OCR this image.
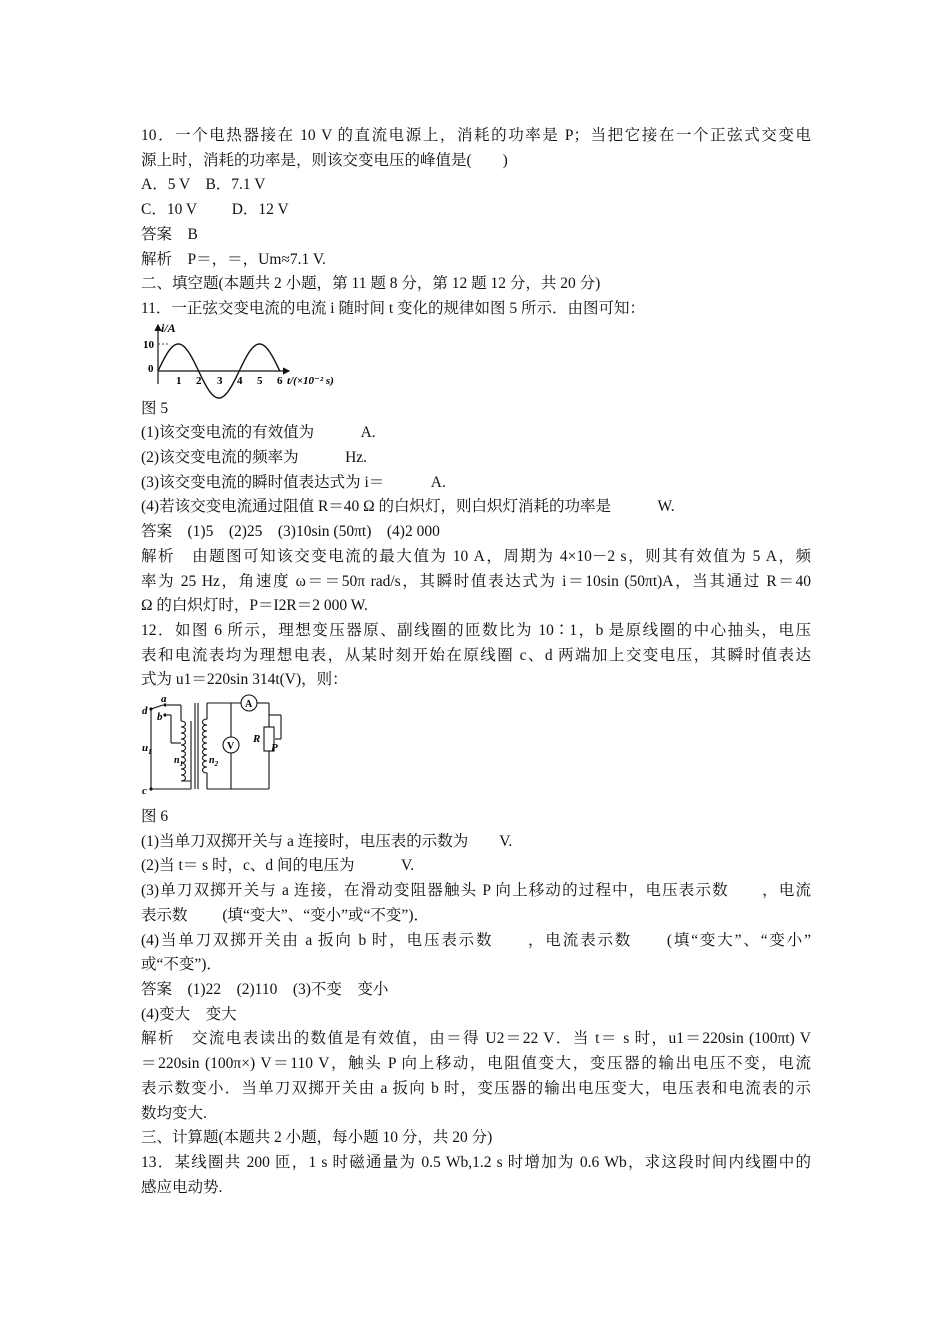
10．一个电热器接在 10 V 的直流电源上，消耗的功率是 P；当把它接在一个正弦式交变电
源上时，消耗的功率是，则该交变电压的峰值是(　　)
A．5 V　B．7.1 V
C．10 V　　 D．12 V
答案　B
解析　P＝，＝，Um≈7.1 V.
二、填空题(本题共 2 小题，第 11 题 8 分，第 12 题 12 分，共 20 分)
11．一正弦交变电流的电流 i 随时间 t 变化的规律如图 5 所示．由图可知：
i/A
10
0
1 2 3 4 5 6 t/(×10⁻² s)
图 5
(1)该交变电流的有效值为　　　A.
(2)该交变电流的频率为　　　Hz.
(3)该交变电流的瞬时值表达式为 i＝　　　A.
(4)若该交变电流通过阻值 R＝40 Ω 的白炽灯，则白炽灯消耗的功率是　　　W.
答案　(1)5　(2)25　(3)10sin (50πt)　(4)2 000
解析　由题图可知该交变电流的最大值为 10 A，周期为 4×10－2 s，则其有效值为 5 A，频
率为 25 Hz，角速度 ω＝＝50π rad/s，其瞬时值表达式为 i＝10sin (50πt)A，当其通过 R＝40
Ω 的白炽灯时，P＝I2R＝2 000 W.
12．如图 6 所示，理想变压器原、副线圈的匝数比为 10∶1，b 是原线圈的中心抽头，电压
表和电流表均为理想电表，从某时刻开始在原线圈 c、d 两端加上交变电压，其瞬时值表达
式为 u1＝220sin 314t(V)，则：
A
V
R
P
d
a
b
$u_1$
$n_1$	$n_2$
c
图 6
(1)当单刀双掷开关与 a 连接时，电压表的示数为　　V.
(2)当 t＝ s 时，c、d 间的电压为　　　V.
(3)单刀双掷开关与 a 连接，在滑动变阻器触头 P 向上移动的过程中，电压表示数　　，电流
表示数　　 (填“变大”、“变小”或“不变”)．
(4)当单刀双掷开关由 a 扳向 b 时，电压表示数　　，电流表示数　　(填“变大”、“变小”
或“不变”)．
答案　(1)22　(2)110　(3)不变　变小
(4)变大　变大
解析　交流电表读出的数值是有效值，由＝得 U2＝22 V．当 t＝ s 时，u1＝220sin (100πt) V
＝220sin (100π×) V＝110 V，触头 P 向上移动，电阻值变大，变压器的输出电压不变，电流
表示数变小．当单刀双掷开关由 a 扳向 b 时，变压器的输出电压变大，电压表和电流表的示
数均变大.
三、计算题(本题共 2 小题，每小题 10 分，共 20 分)
13．某线圈共 200 匝，1 s 时磁通量为 0.5 Wb,1.2 s 时增加为 0.6 Wb，求这段时间内线圈中的
感应电动势.
